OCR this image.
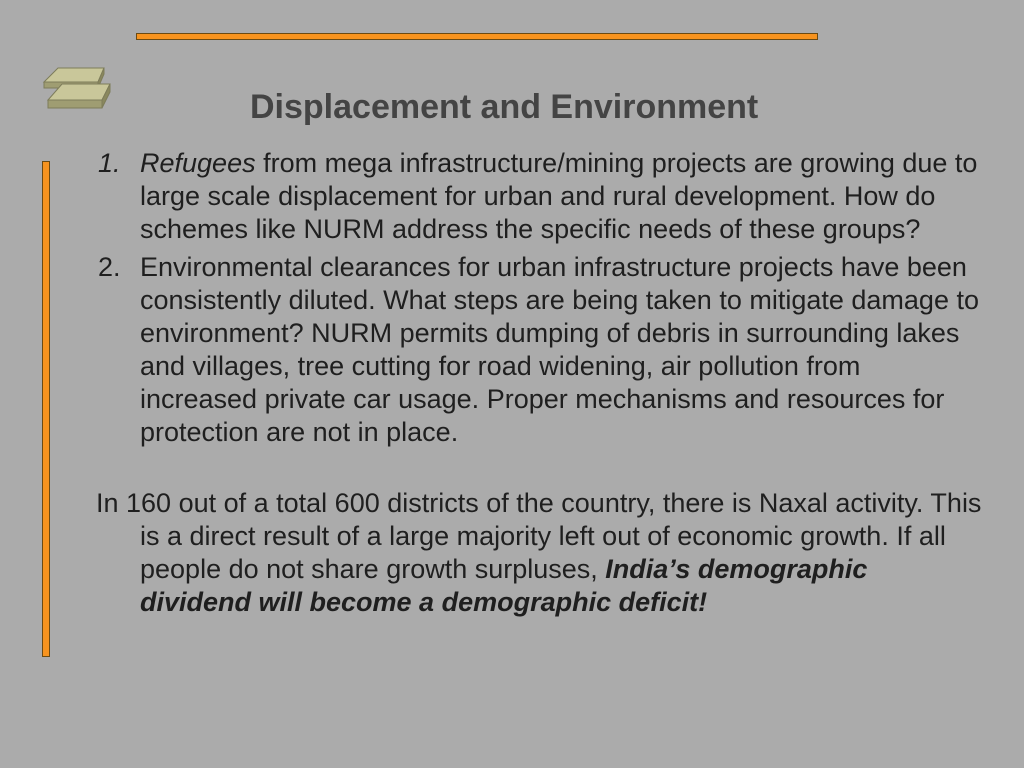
Displacement and Environment
1. Refugees from mega infrastructure/mining projects are growing due to large scale displacement for urban and rural development. How do schemes like NURM address the specific needs of these groups?
2. Environmental clearances for urban infrastructure projects have been consistently diluted. What steps are being taken to mitigate damage to environment? NURM permits dumping of debris in surrounding lakes and villages, tree cutting for road widening, air pollution from increased private car usage. Proper mechanisms and resources for protection are not in place.
In 160 out of a total 600 districts of the country, there is Naxal activity. This is a direct result of a large majority left out of economic growth. If all people do not share growth surpluses, India’s demographic dividend will become a demographic deficit!
